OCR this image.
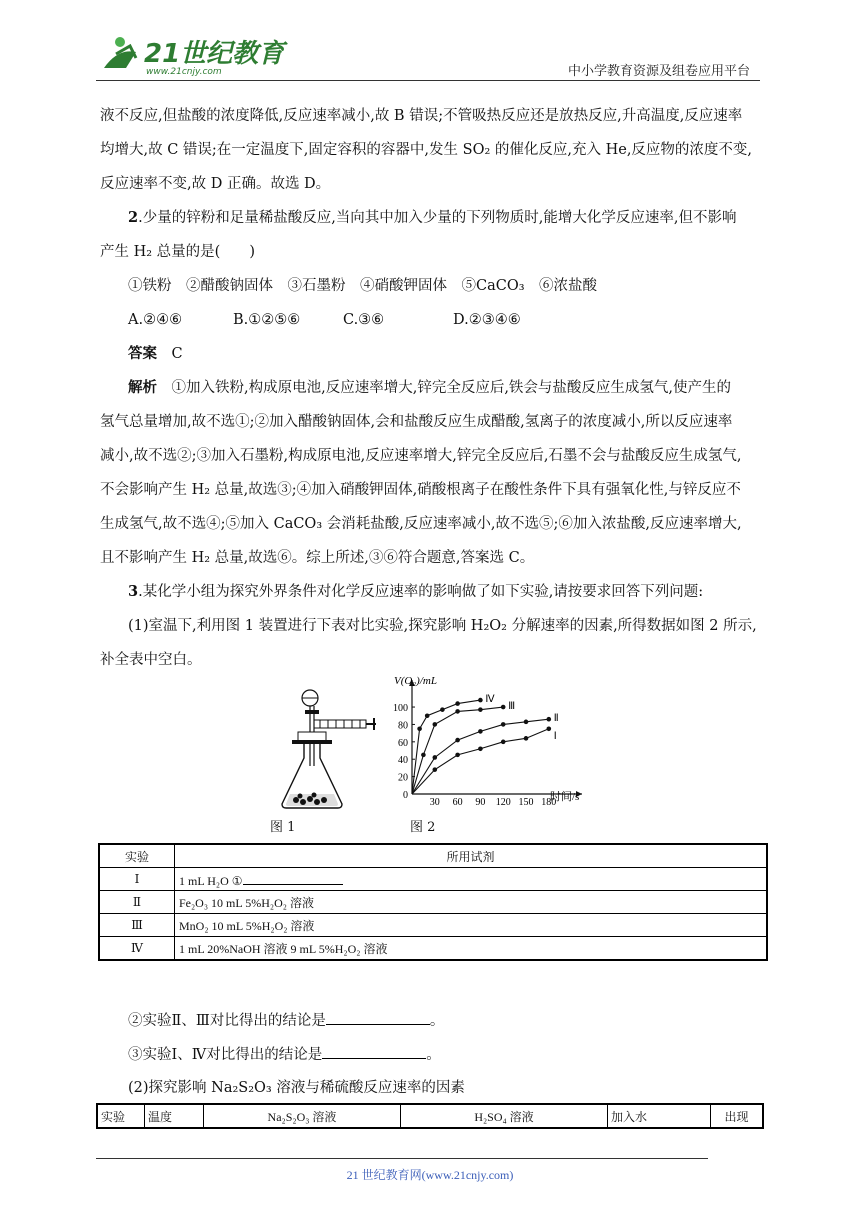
21世纪教育
www.21cnjy.com	中小学教育资源及组卷应用平台
液不反应,但盐酸的浓度降低,反应速率减小,故 B 错误;不管吸热反应还是放热反应,升高温度,反应速率
均增大,故 C 错误;在一定温度下,固定容积的容器中,发生 SO₂ 的催化反应,充入 He,反应物的浓度不变,
反应速率不变,故 D 正确。故选 D。
2.少量的锌粉和足量稀盐酸反应,当向其中加入少量的下列物质时,能增大化学反应速率,但不影响
产生 H₂ 总量的是(　　)
①铁粉　②醋酸钠固体　③石墨粉　④硝酸钾固体　⑤CaCO₃　⑥浓盐酸
A.②④⑥	B.①②⑤⑥	C.③⑥	D.②③④⑥
答案　 C
解析　 ①加入铁粉,构成原电池,反应速率增大,锌完全反应后,铁会与盐酸反应生成氢气,使产生的
氢气总量增加,故不选①;②加入醋酸钠固体,会和盐酸反应生成醋酸,氢离子的浓度减小,所以反应速率
减小,故不选②;③加入石墨粉,构成原电池,反应速率增大,锌完全反应后,石墨不会与盐酸反应生成氢气,
不会影响产生 H₂ 总量,故选③;④加入硝酸钾固体,硝酸根离子在酸性条件下具有强氧化性,与锌反应不
生成氢气,故不选④;⑤加入 CaCO₃ 会消耗盐酸,反应速率减小,故不选⑤;⑥加入浓盐酸,反应速率增大,
且不影响产生 H₂ 总量,故选⑥。综上所述,③⑥符合题意,答案选 C。
3.某化学小组为探究外界条件对化学反应速率的影响做了如下实验,请按要求回答下列问题:
(1)室温下,利用图 1 装置进行下表对比实验,探究影响 H₂O₂ 分解速率的因素,所得数据如图 2 所示,
补全表中空白。
图 1
0
20
40
60
80
100
30 60 90 120 150 180
Ⅳ
Ⅲ
Ⅱ
Ⅰ
V(O₂)/mL
时间/s
图 2
实验	所用试剂
Ⅰ	1 mL H₂O ①
Ⅱ	Fe₂O₃ 10 mL 5%H₂O₂ 溶液
Ⅲ	MnO₂ 10 mL 5%H₂O₂ 溶液
Ⅳ	1 mL 20%NaOH 溶液 9 mL 5%H₂O₂ 溶液
②实验Ⅱ、Ⅲ对比得出的结论是	。
③实验Ⅰ、Ⅳ对比得出的结论是	。
(2)探究影响 Na₂S₂O₃ 溶液与稀硫酸反应速率的因素
实验	温度	Na₂S₂O₃ 溶液	H₂SO₄ 溶液	加入水	出现
21 世纪教育网(www.21cnjy.com)
